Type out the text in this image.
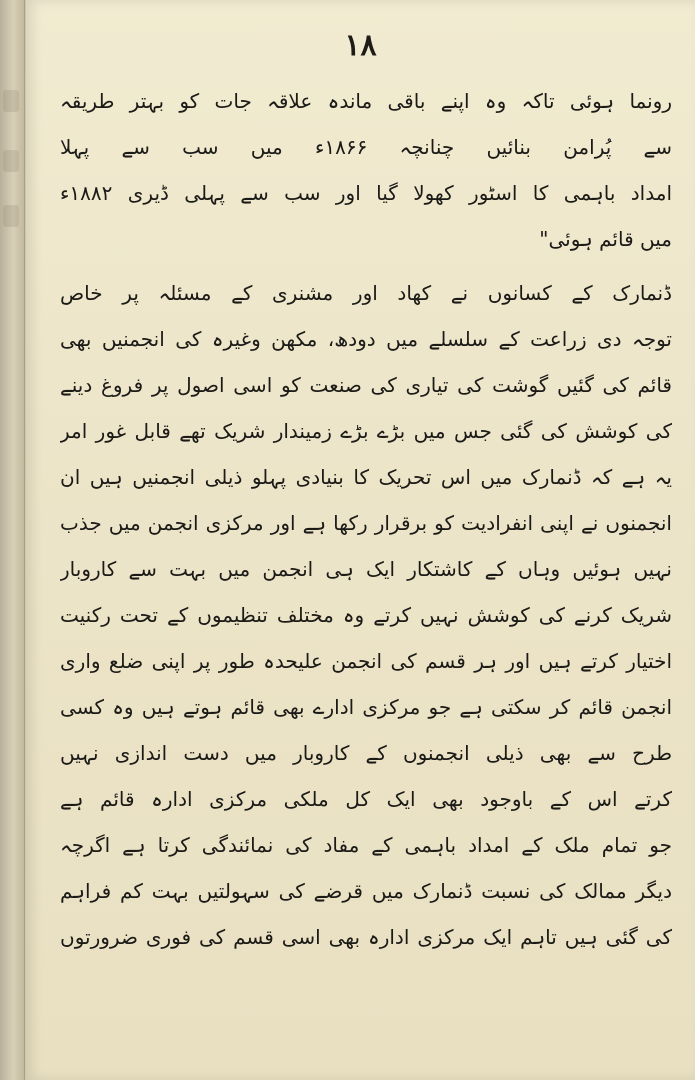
۱۸
رونما ہوئی تاکہ وہ اپنے باقی ماندہ علاقہ جات کو بہتر طریقہ
سے پُرامن بنائیں چنانچہ ۱۸۶۶ء میں سب سے پہلا
امداد باہمی کا اسٹور کھولا گیا اور سب سے پہلی ڈیری ۱۸۸۲ء
میں قائم ہوئی"
ڈنمارک کے کسانوں نے کھاد اور مشنری کے مسئلہ پر خاص
توجہ دی زراعت کے سلسلے میں دودھ، مکھن وغیرہ کی انجمنیں بھی
قائم کی گئیں گوشت کی تیاری کی صنعت کو اسی اصول پر فروغ دینے
کی کوشش کی گئی جس میں بڑے بڑے زمیندار شریک تھے قابل غور امر
یہ ہے کہ ڈنمارک میں اس تحریک کا بنیادی پہلو ذیلی انجمنیں ہیں ان
انجمنوں نے اپنی انفرادیت کو برقرار رکھا ہے اور مرکزی انجمن میں جذب
نہیں ہوئیں وہاں کے کاشتکار ایک ہی انجمن میں بہت سے کاروبار
شریک کرنے کی کوشش نہیں کرتے وہ مختلف تنظیموں کے تحت رکنیت
اختیار کرتے ہیں اور ہر قسم کی انجمن علیحدہ طور پر اپنی ضلع واری
انجمن قائم کر سکتی ہے جو مرکزی ادارے بھی قائم ہوتے ہیں وہ کسی
طرح سے بھی ذیلی انجمنوں کے کاروبار میں دست اندازی نہیں
کرتے اس کے باوجود بھی ایک کل ملکی مرکزی ادارہ قائم ہے
جو تمام ملک کے امداد باہمی کے مفاد کی نمائندگی کرتا ہے اگرچہ
دیگر ممالک کی نسبت ڈنمارک میں قرضے کی سہولتیں بہت کم فراہم
کی گئی ہیں تاہم ایک مرکزی ادارہ بھی اسی قسم کی فوری ضرورتوں
